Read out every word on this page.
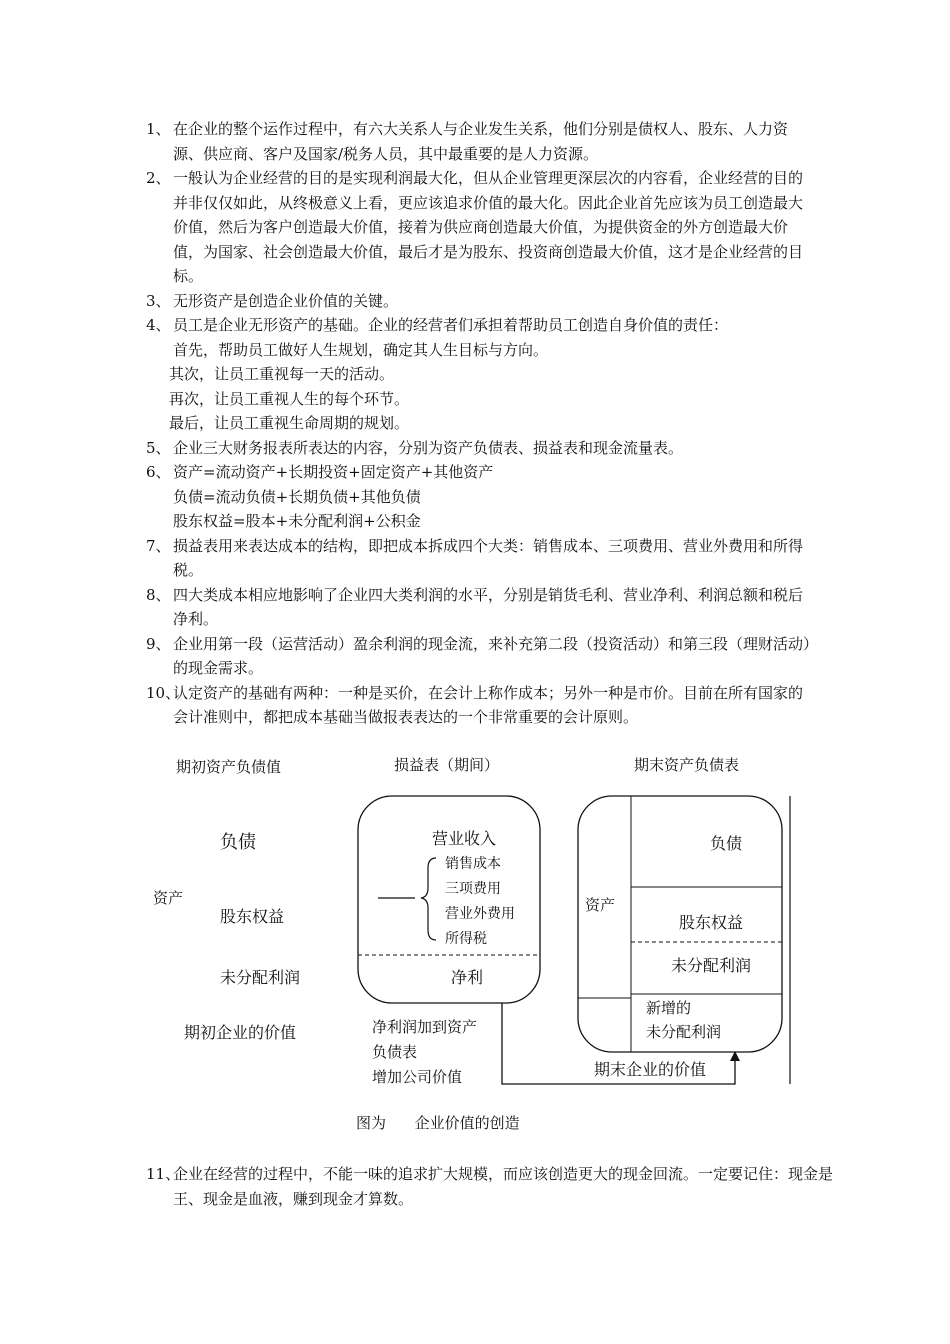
1、 在企业的整个运作过程中，有六大关系人与企业发生关系，他们分别是债权人、股东、人力资源、供应商、客户及国家/税务人员，其中最重要的是人力资源。
2、 一般认为企业经营的目的是实现利润最大化，但从企业管理更深层次的内容看，企业经营的目的并非仅仅如此，从终极意义上看，更应该追求价值的最大化。因此企业首先应该为员工创造最大价值，然后为客户创造最大价值，接着为供应商创造最大价值，为提供资金的外方创造最大价值，为国家、社会创造最大价值，最后才是为股东、投资商创造最大价值，这才是企业经营的目标。
3、 无形资产是创造企业价值的关键。
4、 员工是企业无形资产的基础。企业的经营者们承担着帮助员工创造自身价值的责任：
首先，帮助员工做好人生规划，确定其人生目标与方向。
其次，让员工重视每一天的活动。
再次，让员工重视人生的每个环节。
最后，让员工重视生命周期的规划。
5、 企业三大财务报表所表达的内容，分别为资产负债表、损益表和现金流量表。
6、 资产=流动资产+长期投资+固定资产+其他资产
负债=流动负债+长期负债+其他负债
股东权益=股本+未分配利润+公积金
7、 损益表用来表达成本的结构，即把成本拆成四个大类：销售成本、三项费用、营业外费用和所得税。
8、 四大类成本相应地影响了企业四大类利润的水平，分别是销货毛利、营业净利、利润总额和税后净利。
9、 企业用第一段（运营活动）盈余利润的现金流，来补充第二段（投资活动）和第三段（理财活动）的现金需求。
10、
认定资产的基础有两种：一种是买价，在会计上称作成本；另外一种是市价。目前在所有国家的会计准则中，都把成本基础当做报表表达的一个非常重要的会计原则。
期初资产负债值	损益表（期间）	期末资产负债表
负债
资产
股东权益
未分配利润
期初企业的价值
营业收入
销售成本
三项费用
营业外费用
所得税
净利
净利润加到资产
负债表
增加公司价值
资产
负债
股东权益
未分配利润
新增的
未分配利润
期末企业的价值
图为      企业价值的创造
11、
企业在经营的过程中，不能一味的追求扩大规模，而应该创造更大的现金回流。一定要记住：现金是王、现金是血液，赚到现金才算数。
